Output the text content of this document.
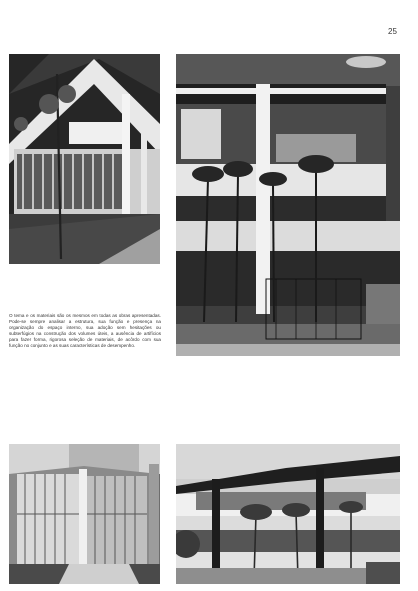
25

O tema e os materiais são os mesmos em todas as obras apresentadas. Pode-se sempre analisar a estrutura, sua função e presença na organização do espaço interno, sua adoção sem hesitações ou subterfúgios na construção dos volumes úteis, a ausência de artifícios para fazer forma, rigorosa seleção de materiais, de acôrdo com sua função no conjunto e as suas características de desempenho.
